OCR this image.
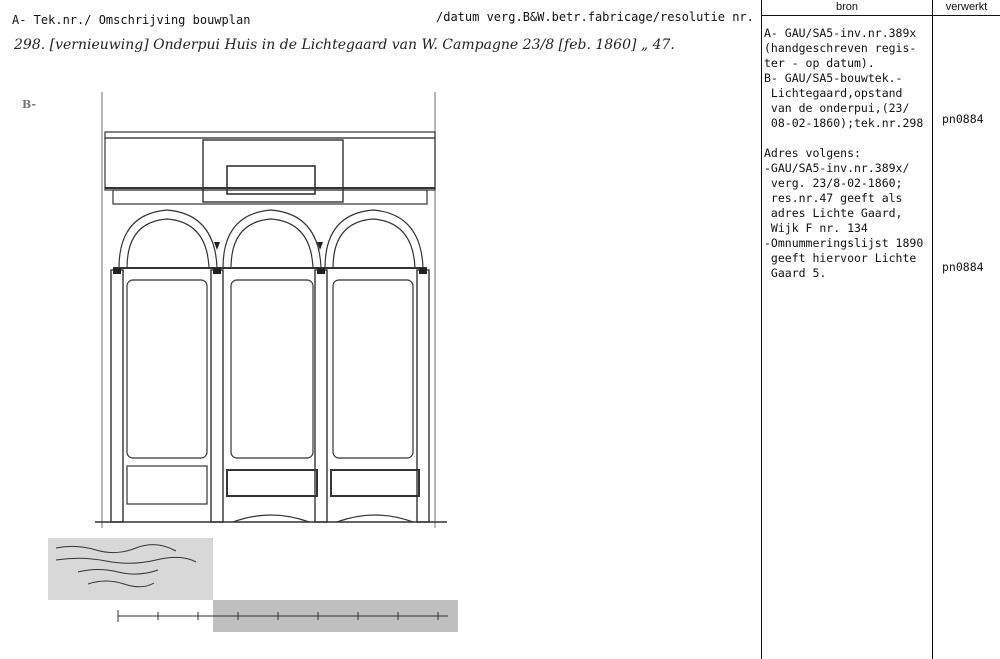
A- Tek.nr./ Omschrijving bouwplan	/datum verg.B&W.betr.fabricage/resolutie nr.
bron	verwerkt
298. [vernieuwing] Onderpui Huis in de Lichtegaard van W. Campagne 23/8 [feb. 1860] „ 47.
B-
A- GAU/SA5-inv.nr.389x
(handgeschreven regis-
ter - op datum).
B- GAU/SA5-bouwtek.-
Lichtegaard,opstand
van de onderpui,(23/
08-02-1860);tek.nr.298

Adres volgens:
-GAU/SA5-inv.nr.389x/
verg. 23/8-02-1860;
res.nr.47 geeft als
adres Lichte Gaard,
Wijk F nr. 134
-Omnummeringslijst 1890
geeft hiervoor Lichte
Gaard 5.
pn0884
pn0884
